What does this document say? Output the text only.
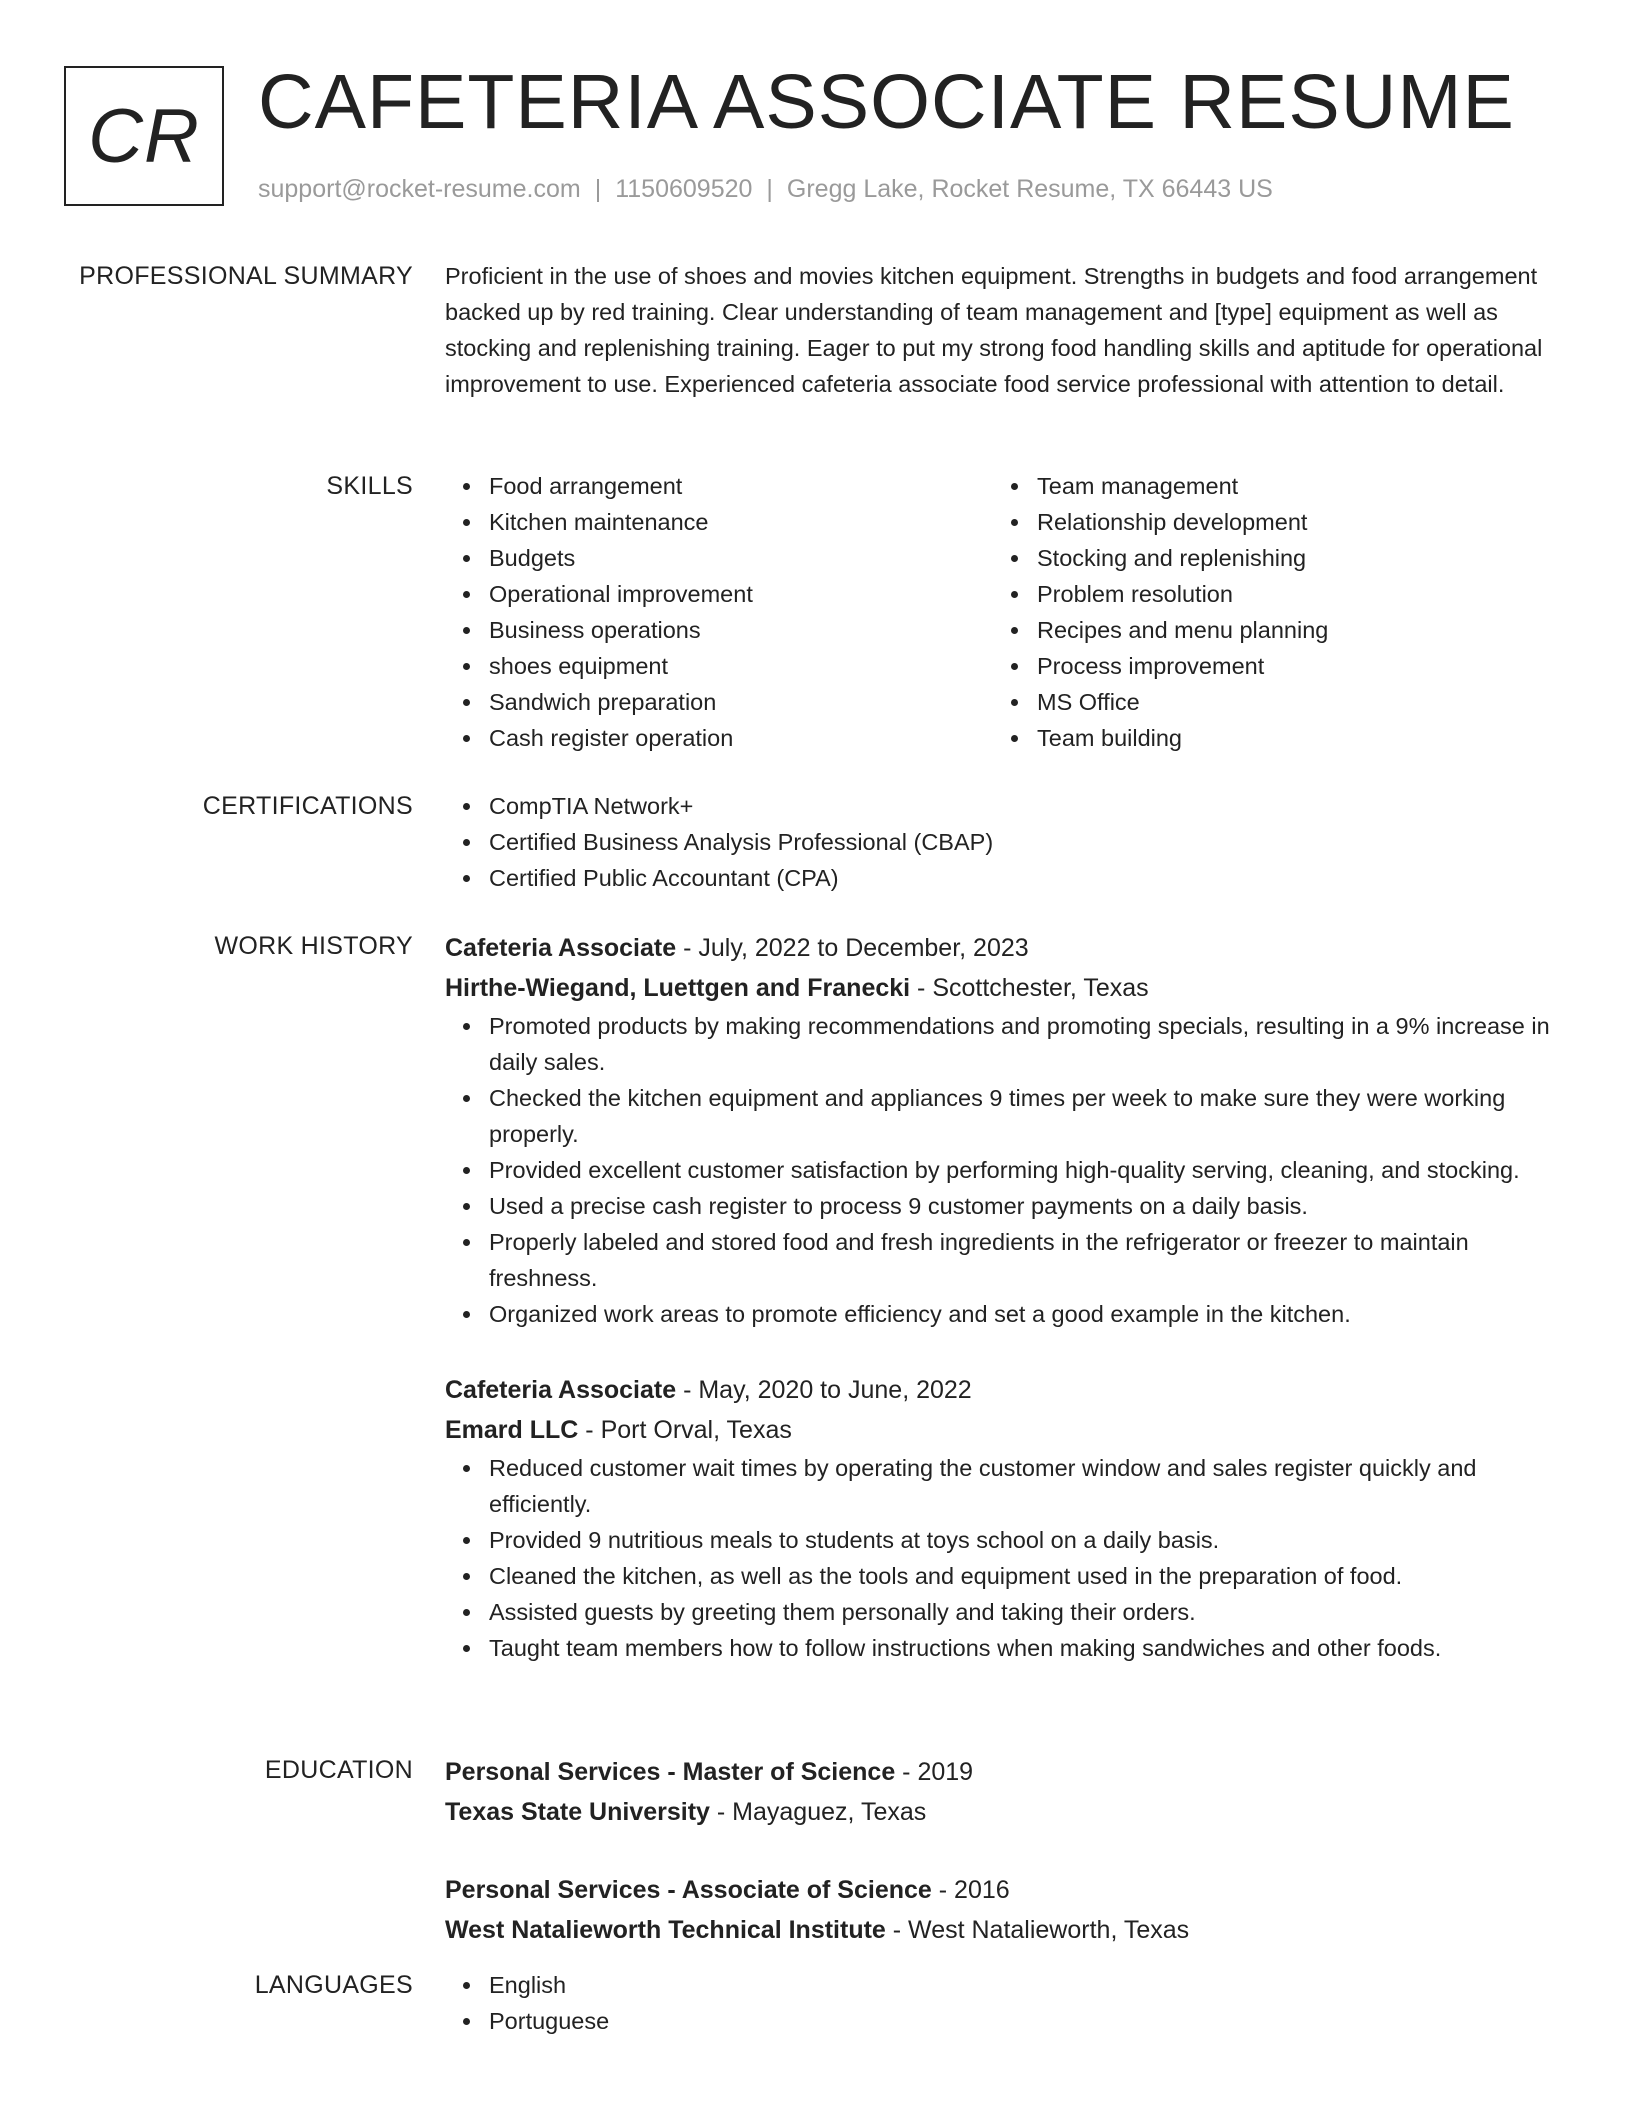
CR CAFETERIA ASSOCIATE RESUME
support@rocket-resume.com | 1150609520 | Gregg Lake, Rocket Resume, TX 66443 US
PROFESSIONAL SUMMARY Proficient in the use of shoes and movies kitchen equipment. Strengths in budgets and food arrangement backed up by red training. Clear understanding of team management and [type] equipment as well as stocking and replenishing training. Eager to put my strong food handling skills and aptitude for operational improvement to use. Experienced cafeteria associate food service professional with attention to detail.

SKILLS	Food arrangement
Kitchen maintenance
Budgets
Operational improvement
Business operations
shoes equipment
Sandwich preparation
Cash register operation
Team management
Relationship development
Stocking and replenishing
Problem resolution
Recipes and menu planning
Process improvement
MS Office
Team building
CERTIFICATIONS	CompTIA Network+
Certified Business Analysis Professional (CBAP)
Certified Public Accountant (CPA)
WORK HISTORY Cafeteria Associate - July, 2022 to December, 2023
Hirthe-Wiegand, Luettgen and Franecki - Scottchester, Texas
Promoted products by making recommendations and promoting specials, resulting in a 9% increase in daily sales.
Checked the kitchen equipment and appliances 9 times per week to make sure they were working properly.
Provided excellent customer satisfaction by performing high-quality serving, cleaning, and stocking.
Used a precise cash register to process 9 customer payments on a daily basis.
Properly labeled and stored food and fresh ingredients in the refrigerator or freezer to maintain freshness.
Organized work areas to promote efficiency and set a good example in the kitchen.
Cafeteria Associate - May, 2020 to June, 2022
Emard LLC - Port Orval, Texas
Reduced customer wait times by operating the customer window and sales register quickly and efficiently.
Provided 9 nutritious meals to students at toys school on a daily basis.
Cleaned the kitchen, as well as the tools and equipment used in the preparation of food.
Assisted guests by greeting them personally and taking their orders.
Taught team members how to follow instructions when making sandwiches and other foods.
EDUCATION Personal Services - Master of Science - 2019
Texas State University - Mayaguez, Texas
Personal Services - Associate of Science - 2016
West Natalieworth Technical Institute - West Natalieworth, Texas
LANGUAGES	English
Portuguese
